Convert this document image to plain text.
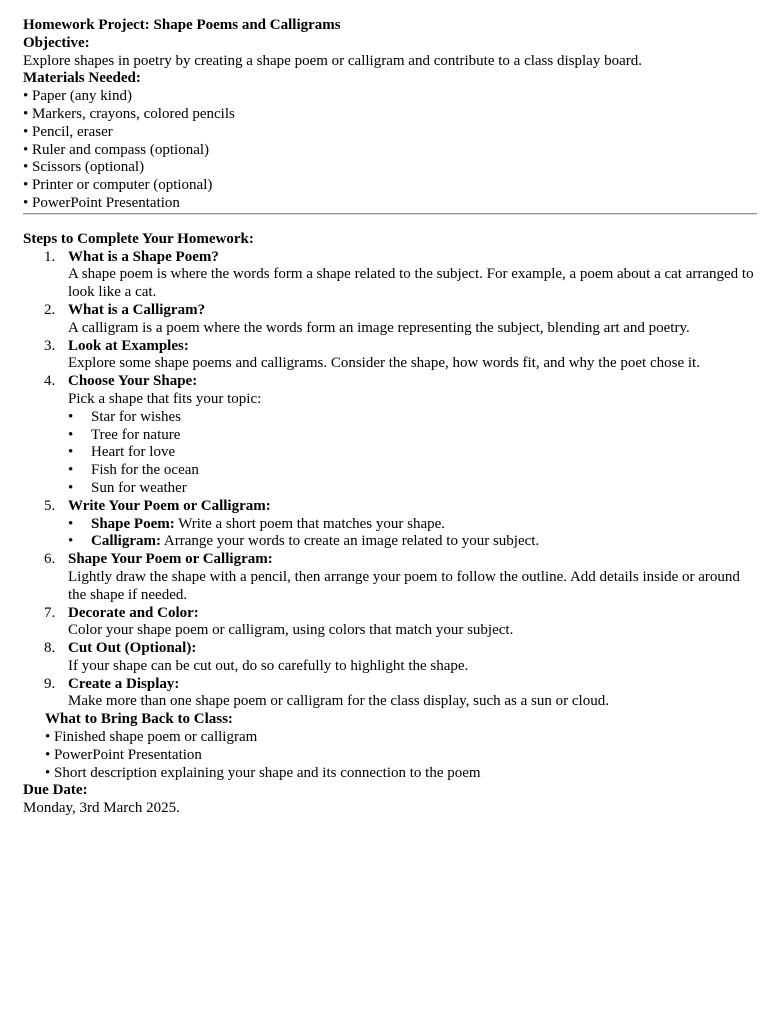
Homework Project: Shape Poems and Calligrams

Objective:

Explore shapes in poetry by creating a shape poem or calligram and contribute to a class display board.

Materials Needed:

• Paper (any kind)

• Markers, crayons, colored pencils

• Pencil, eraser

• Ruler and compass (optional)

• Scissors (optional)

• Printer or computer (optional)

• PowerPoint Presentation

Steps to Complete Your Homework:

1. What is a Shape Poem?
A shape poem is where the words form a shape related to the subject. For example, a poem about a cat arranged to look like a cat.
2. What is a Calligram?
A calligram is a poem where the words form an image representing the subject, blending art and poetry.
3. Look at Examples:
Explore some shape poems and calligrams. Consider the shape, how words fit, and why the poet chose it.
4. Choose Your Shape:
Pick a shape that fits your topic:
•	Star for wishes
•	Tree for nature
•	Heart for love
•	Fish for the ocean
•	Sun for weather
5. Write Your Poem or Calligram:
•	Shape Poem: Write a short poem that matches your shape.
•	Calligram: Arrange your words to create an image related to your subject.
6. Shape Your Poem or Calligram:
Lightly draw the shape with a pencil, then arrange your poem to follow the outline. Add details inside or around the shape if needed.
7. Decorate and Color:
Color your shape poem or calligram, using colors that match your subject.
8. Cut Out (Optional):
If your shape can be cut out, do so carefully to highlight the shape.
9. Create a Display:
Make more than one shape poem or calligram for the class display, such as a sun or cloud.
What to Bring Back to Class:
• Finished shape poem or calligram
• PowerPoint Presentation
• Short description explaining your shape and its connection to the poem

Due Date:

Monday, 3rd March 2025.
